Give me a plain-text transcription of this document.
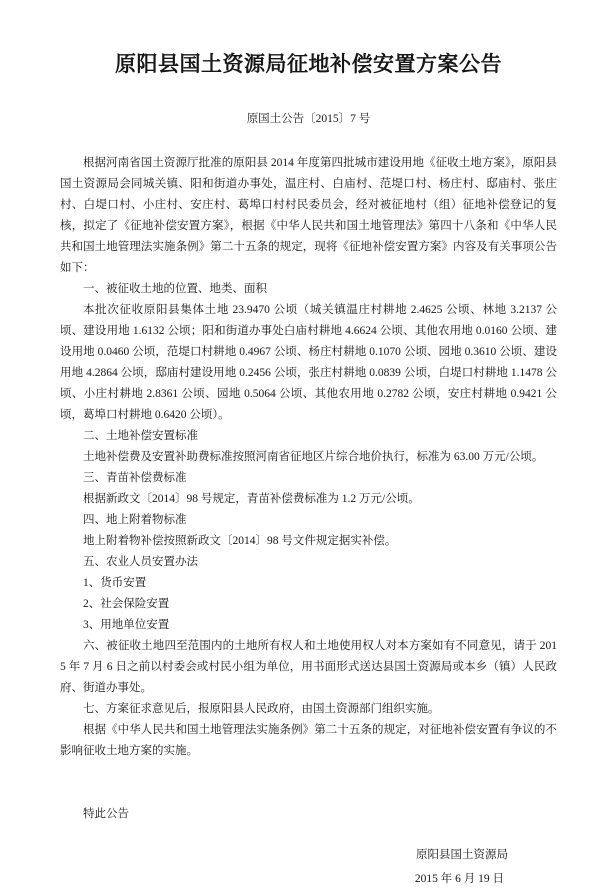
原阳县国土资源局征地补偿安置方案公告
原国土公告〔2015〕7 号

根据河南省国土资源厅批准的原阳县 2014 年度第四批城市建设用地《征收土地方案》，原阳县国土资源局会同城关镇、阳和街道办事处，温庄村、白庙村、范堤口村、杨庄村、邸庙村、张庄村、白堤口村、小庄村、安庄村、葛埠口村村民委员会，经对被征地村（组）征地补偿登记的复核，拟定了《征地补偿安置方案》，根据《中华人民共和国土地管理法》第四十八条和《中华人民共和国土地管理法实施条例》第二十五条的规定，现将《征地补偿安置方案》内容及有关事项公告如下：

一、被征收土地的位置、地类、面积

本批次征收原阳县集体土地 23.9470 公顷（城关镇温庄村耕地 2.4625 公顷、林地 3.2137 公顷、建设用地 1.6132 公顷；阳和街道办事处白庙村耕地 4.6624 公顷、其他农用地 0.0160 公顷、建设用地 0.0460 公顷，范堤口村耕地 0.4967 公顷、杨庄村耕地 0.1070 公顷、园地 0.3610 公顷、建设用地 4.2864 公顷，邸庙村建设用地 0.2456 公顷，张庄村耕地 0.0839 公顷，白堤口村耕地 1.1478 公顷、小庄村耕地 2.8361 公顷、园地 0.5064 公顷、其他农用地 0.2782 公顷，安庄村耕地 0.9421 公顷，葛埠口村耕地 0.6420 公顷）。

二、土地补偿安置标准

土地补偿费及安置补助费标准按照河南省征地区片综合地价执行，标准为 63.00 万元/公顷。

三、青苗补偿费标准

根据新政文〔2014〕98 号规定，青苗补偿费标准为 1.2 万元/公顷。

四、地上附着物标准

地上附着物补偿按照新政文〔2014〕98 号文件规定据实补偿。

五、农业人员安置办法

1、货币安置

2、社会保险安置

3、用地单位安置

六、被征收土地四至范围内的土地所有权人和土地使用权人对本方案如有不同意见，请于 2015 年 7 月 6 日之前以村委会或村民小组为单位，用书面形式送达县国土资源局或本乡（镇）人民政府、街道办事处。

七、方案征求意见后，报原阳县人民政府，由国土资源部门组织实施。

根据《中华人民共和国土地管理法实施条例》第二十五条的规定，对征地补偿安置有争议的不影响征收土地方案的实施。

特此公告

原阳县国土资源局
2015 年 6 月 19 日
